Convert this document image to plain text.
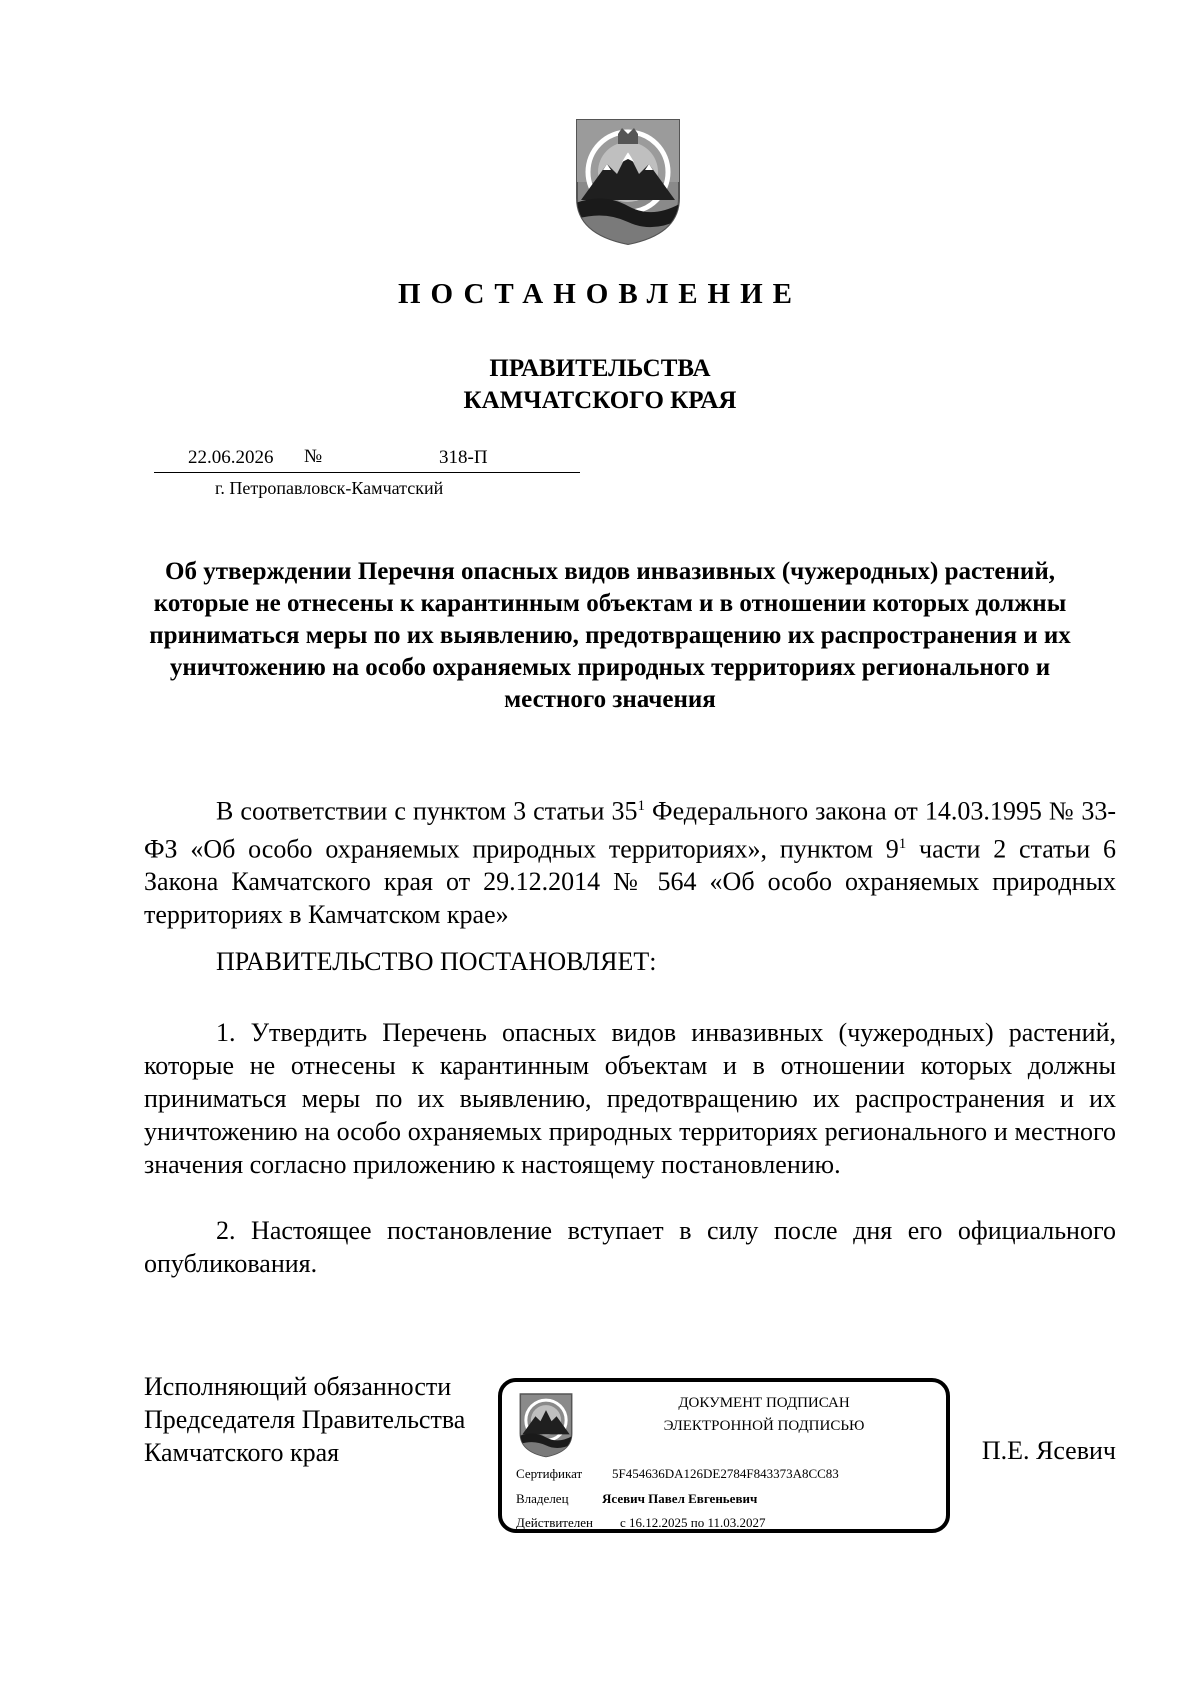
ПОСТАНОВЛЕНИЕ
ПРАВИТЕЛЬСТВА
КАМЧАТСКОГО КРАЯ
22.06.2026 №	318-П
г. Петропавловск-Камчатский
Об утверждении Перечня опасных видов инвазивных (чужеродных) растений, которые не отнесены к карантинным объектам и в отношении которых должны приниматься меры по их выявлению, предотвращению их распространения и их уничтожению на особо охраняемых природных территориях регионального и местного значения
В соответствии с пунктом 3 статьи $35^1$ Федерального закона от 14.03.1995 № 33-ФЗ «Об особо охраняемых природных территориях», пунктом $9^1$ части 2 статьи 6 Закона Камчатского края от 29.12.2014 № 564 «Об особо охраняемых природных территориях в Камчатском крае»
ПРАВИТЕЛЬСТВО ПОСТАНОВЛЯЕТ:
1. Утвердить Перечень опасных видов инвазивных (чужеродных) растений, которые не отнесены к карантинным объектам и в отношении которых должны приниматься меры по их выявлению, предотвращению их распространения и их уничтожению на особо охраняемых природных территориях регионального и местного значения согласно приложению к настоящему постановлению.
2. Настоящее постановление вступает в силу после дня его официального опубликования.
Исполняющий обязанности
Председателя Правительства
Камчатского края
ДОКУМЕНТ ПОДПИСАН
ЭЛЕКТРОННОЙ ПОДПИСЬЮ
Сертификат 5F454636DA126DE2784F843373A8CC83
Владелец	Ясевич Павел Евгеньевич
Действителен с 16.12.2025 по 11.03.2027
П.Е. Ясевич
